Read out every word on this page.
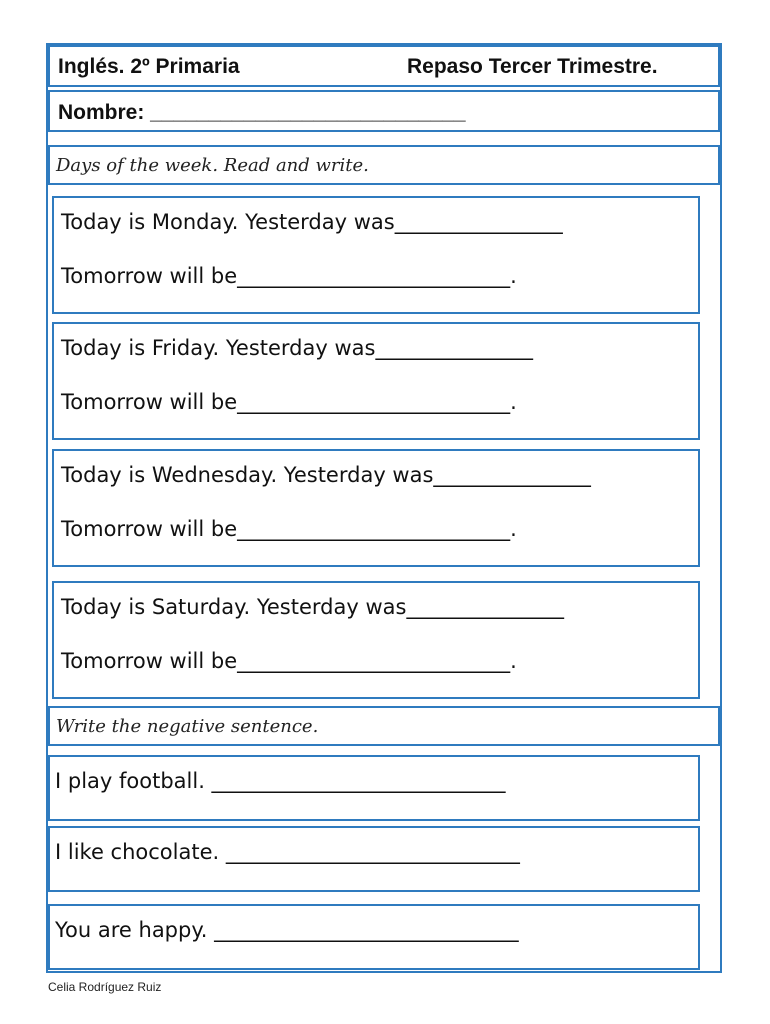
Inglés. 2º Primaria	Repaso Tercer Trimestre.
Nombre: ___________________________
Days of the week. Read and write.
Today is Monday. Yesterday was________________
Tomorrow will be__________________________.
Today is Friday. Yesterday was_______________
Tomorrow will be__________________________.
Today is Wednesday. Yesterday was_______________
Tomorrow will be__________________________.
Today is Saturday. Yesterday was_______________
Tomorrow will be__________________________.
Write the negative sentence.
I play football. ____________________________
I like chocolate. ____________________________
You are happy. _____________________________
Celia Rodríguez Ruiz
